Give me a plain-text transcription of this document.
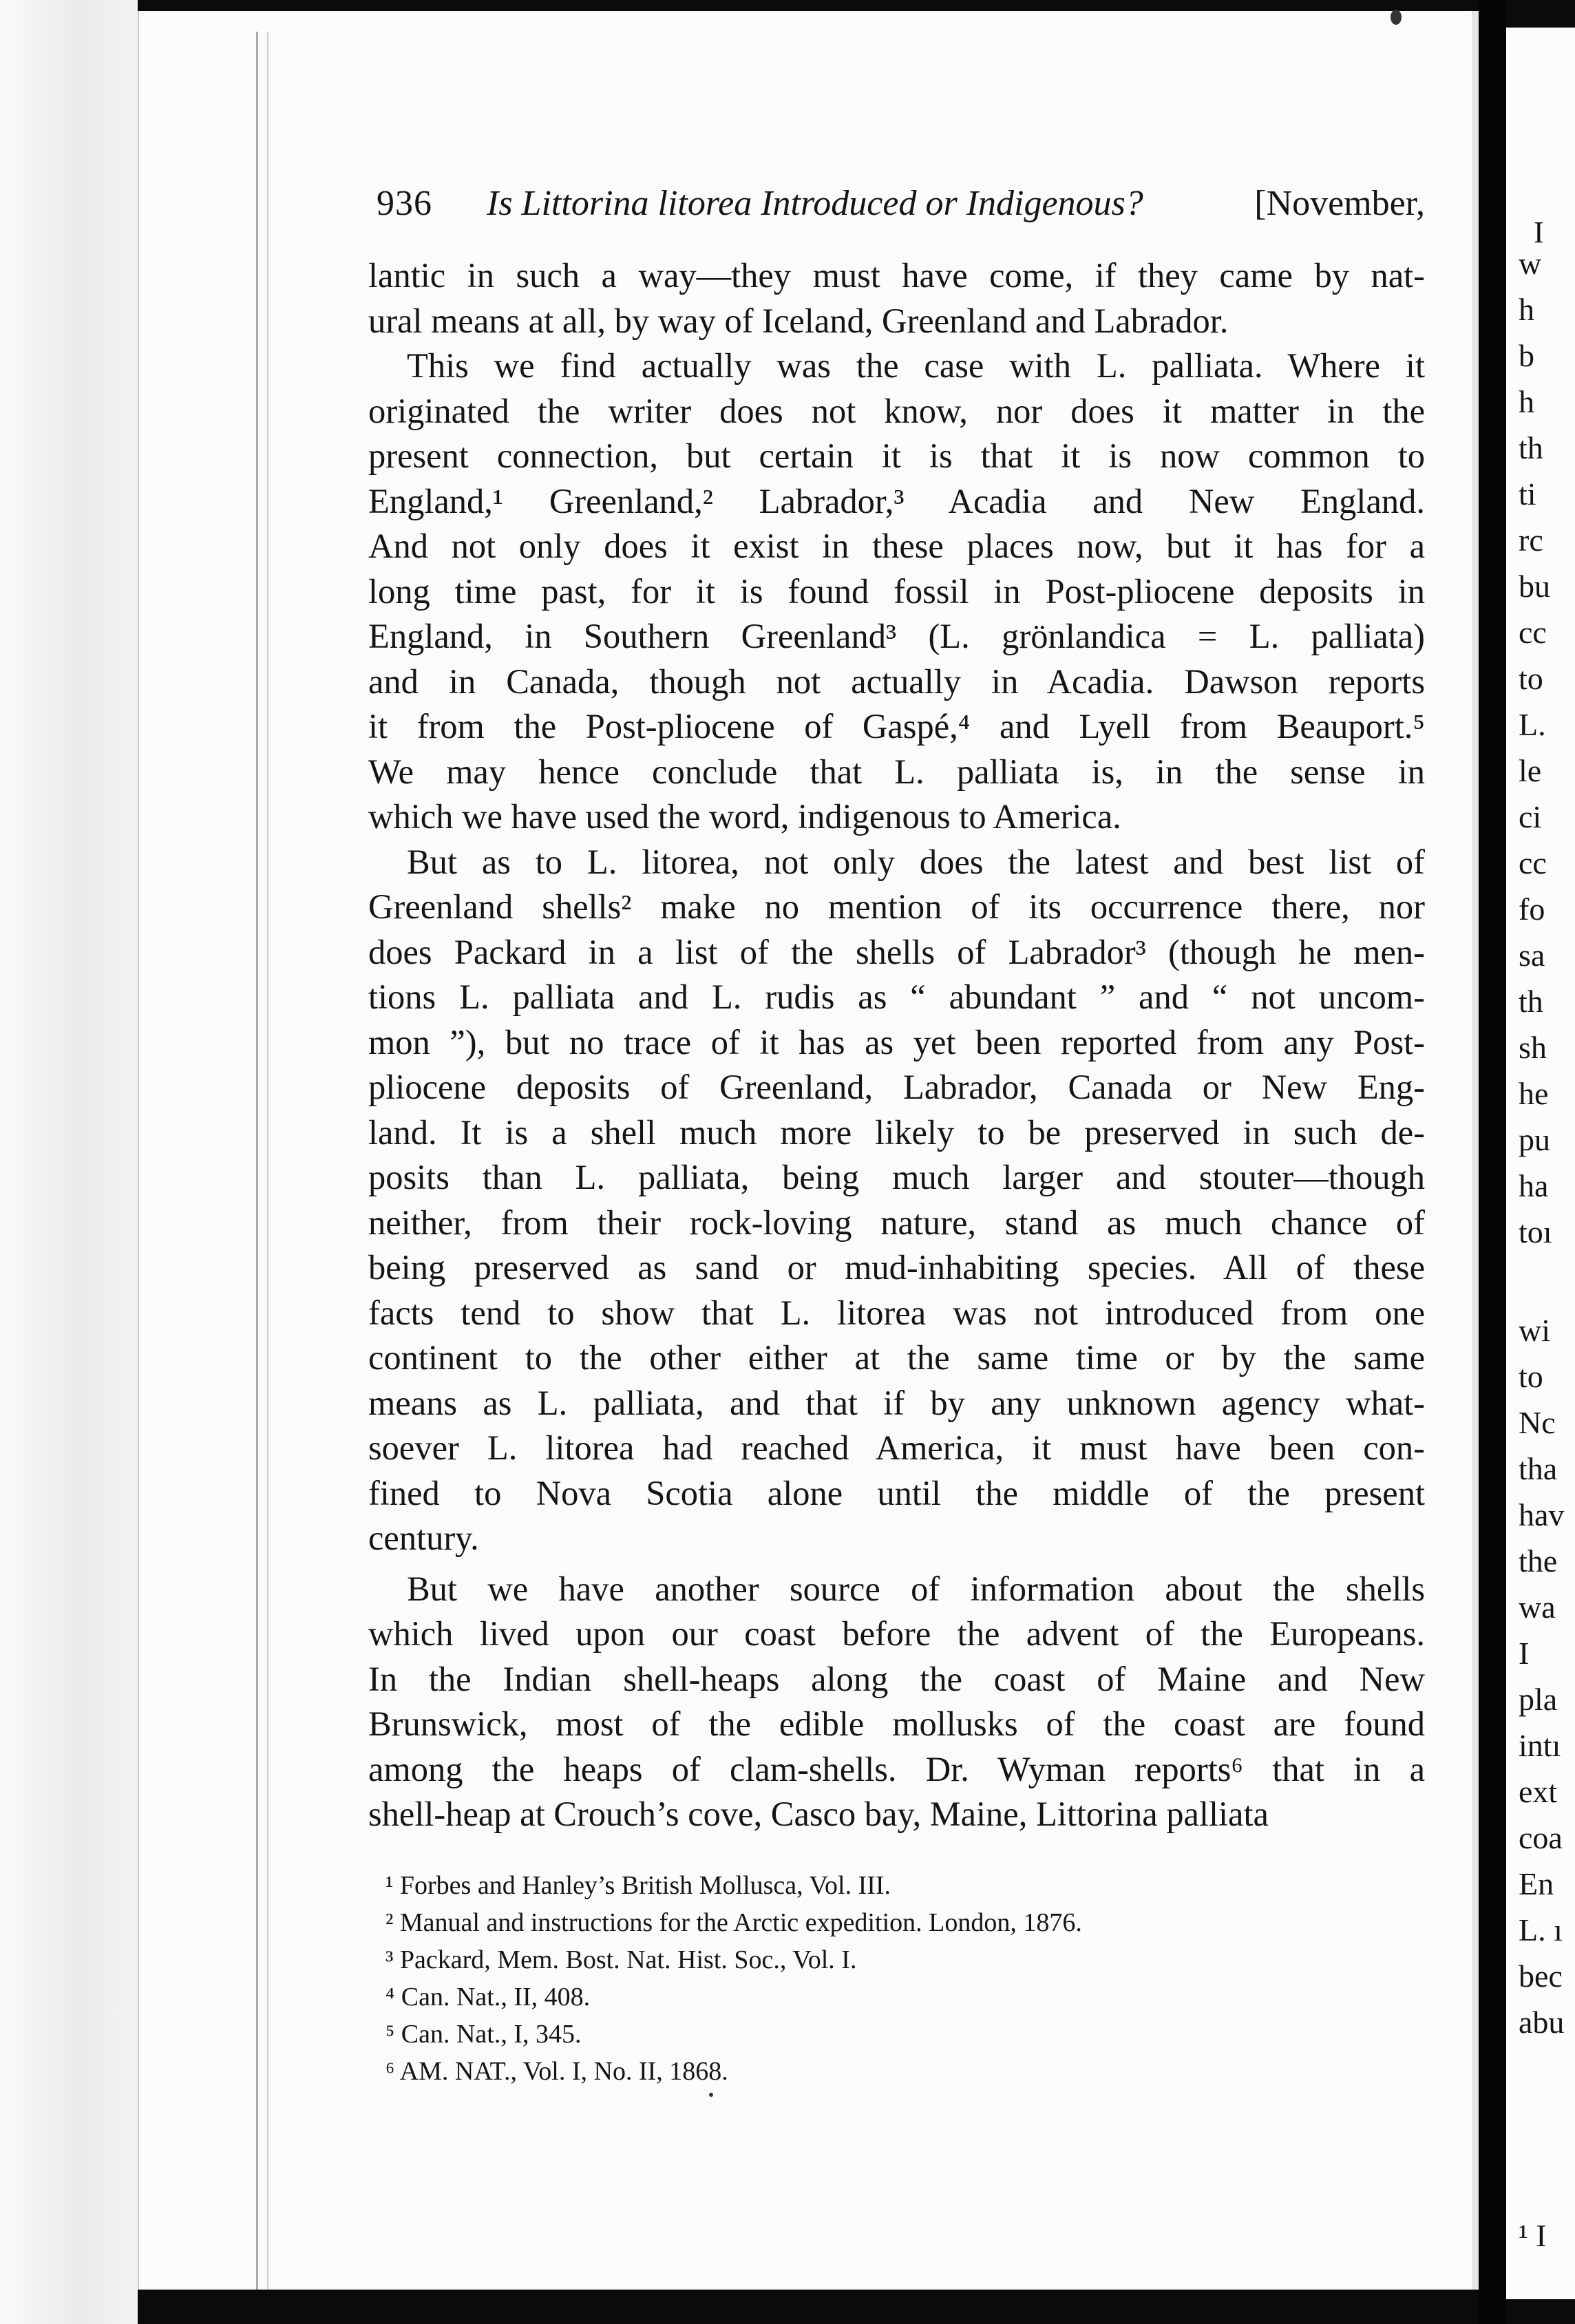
936 Is Littorina litorea Introduced or Indigenous?	[November,
lantic in such a way—they must have come, if they came by nat-
ural means at all, by way of Iceland, Greenland and Labrador.
This we find actually was the case with L. palliata. Where it
originated the writer does not know, nor does it matter in the
present connection, but certain it is that it is now common to
England,¹ Greenland,² Labrador,³ Acadia and New England.
And not only does it exist in these places now, but it has for a
long time past, for it is found fossil in Post-pliocene deposits in
England, in Southern Greenland³ (L. grönlandica = L. palliata)
and in Canada, though not actually in Acadia. Dawson reports
it from the Post-pliocene of Gaspé,⁴ and Lyell from Beauport.⁵
We may hence conclude that L. palliata is, in the sense in
which we have used the word, indigenous to America.
But as to L. litorea, not only does the latest and best list of
Greenland shells² make no mention of its occurrence there, nor
does Packard in a list of the shells of Labrador³ (though he men-
tions L. palliata and L. rudis as “ abundant ” and “ not uncom-
mon ”), but no trace of it has as yet been reported from any Post-
pliocene deposits of Greenland, Labrador, Canada or New Eng-
land. It is a shell much more likely to be preserved in such de-
posits than L. palliata, being much larger and stouter—though
neither, from their rock-loving nature, stand as much chance of
being preserved as sand or mud-inhabiting species. All of these
facts tend to show that L. litorea was not introduced from one
continent to the other either at the same time or by the same
means as L. palliata, and that if by any unknown agency what-
soever L. litorea had reached America, it must have been con-
fined to Nova Scotia alone until the middle of the present
century.
But we have another source of information about the shells
which lived upon our coast before the advent of the Europeans.
In the Indian shell-heaps along the coast of Maine and New
Brunswick, most of the edible mollusks of the coast are found
among the heaps of clam-shells. Dr. Wyman reports⁶ that in a
shell-heap at Crouch’s cove, Casco bay, Maine, Littorina palliata
¹ Forbes and Hanley’s British Mollusca, Vol. III.
² Manual and instructions for the Arctic expedition. London, 1876.
³ Packard, Mem. Bost. Nat. Hist. Soc., Vol. I.
⁴ Can. Nat., II, 408.
⁵ Can. Nat., I, 345.
⁶ AM. NAT., Vol. I, No. II, 1868.
I
w
h
b
h
th
ti
rc
bu
cc
to
L.
le
ci
cc
fo
sa
th
sh
he
pu
ha
toı
wi
to
Nc
tha
hav
the
wa
I
pla
intı
ext
coa
En
L. ı
bec
abu
¹ I
